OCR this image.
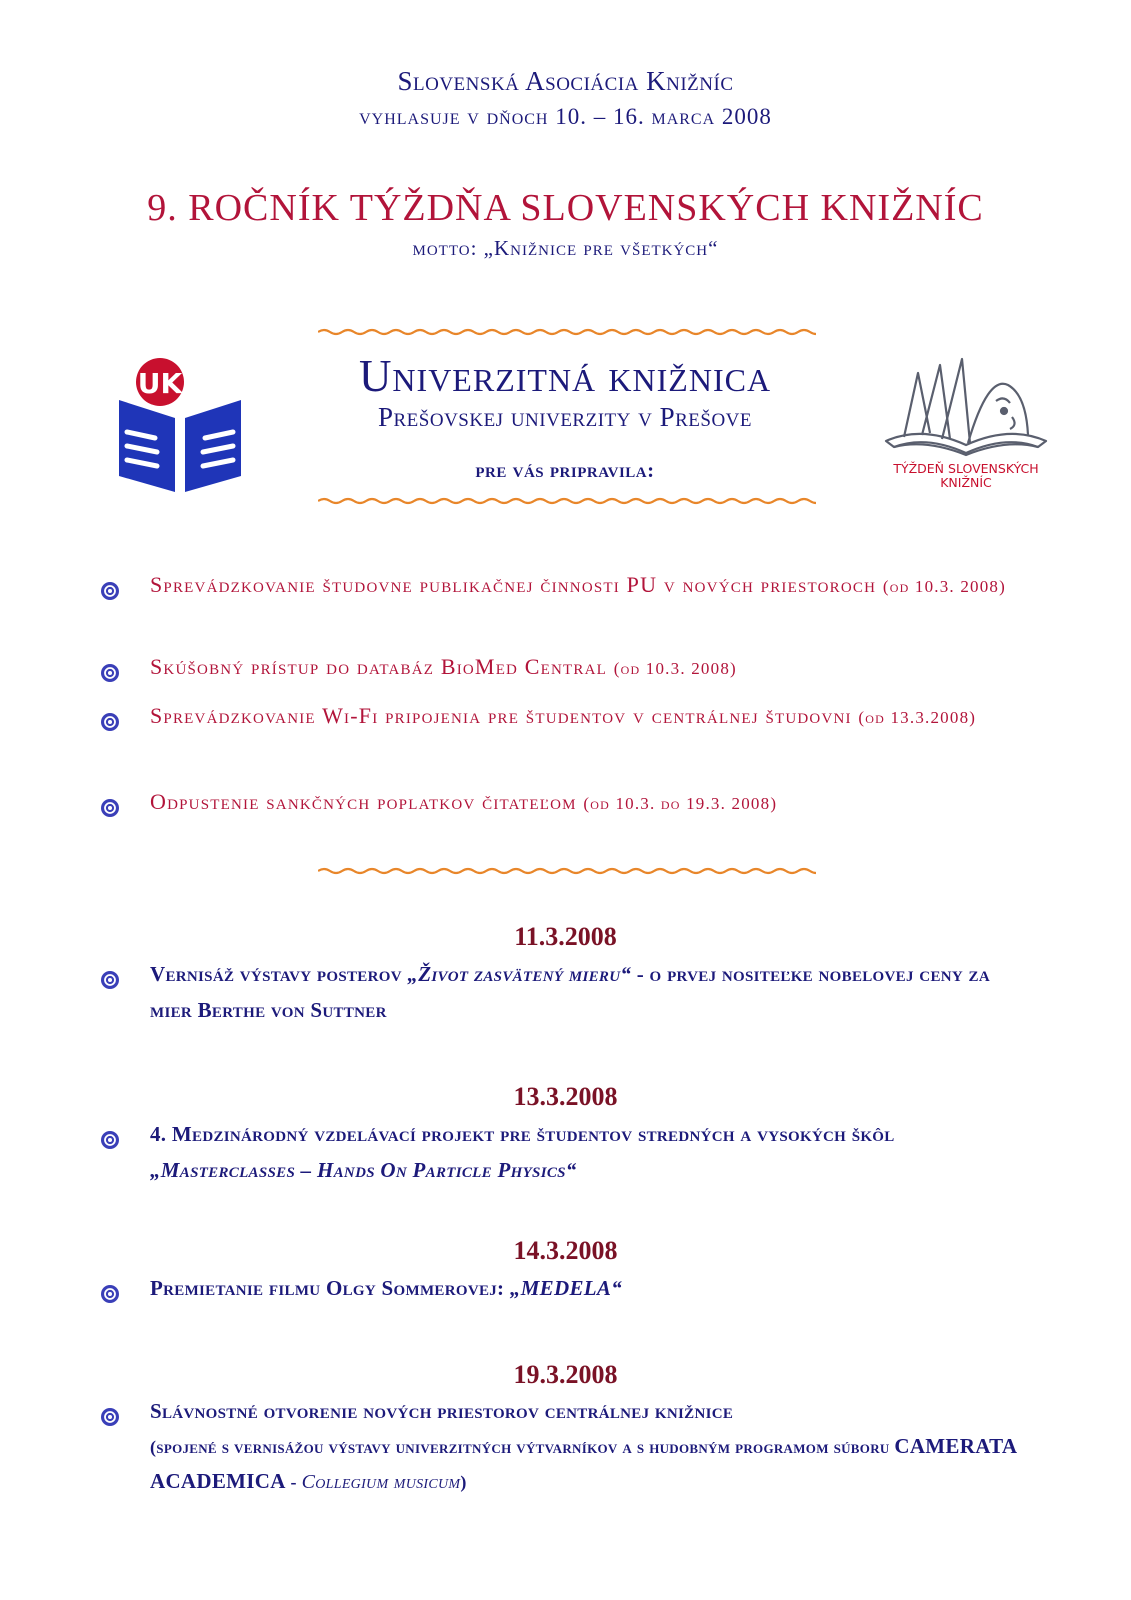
Slovenská Asociácia Knižníc
vyhlasuje v dňoch 10. – 16. marca 2008
9. ROČNÍK TÝŽDŇA SLOVENSKÝCH KNIŽNÍC
motto: „Knižnice pre všetkých“
UK	Univerzitná knižnica
Prešovskej univerzity v Prešove
pre vás pripravila:	TÝŽDEŇ SLOVENSKÝCH
KNIŽNÍC
Sprevádzkovanie študovne publikačnej činnosti PU v nových priestoroch (od 10.3. 2008)
Skúšobný prístup do databáz BioMed Central (od 10.3. 2008)
Sprevádzkovanie Wi-Fi pripojenia pre študentov v centrálnej študovni (od 13.3.2008)
Odpustenie sankčných poplatkov čitateľom (od 10.3. do 19.3. 2008)
11.3.2008
Vernisáž výstavy posterov „Život zasvätený mieru“ - o prvej nositeľke nobelovej ceny za mier Berthe von Suttner
13.3.2008
4. Medzinárodný vzdelávací projekt pre študentov stredných a vysokých škôl „Masterclasses – Hands On Particle Physics“
14.3.2008
Premietanie filmu Olgy Sommerovej: „MEDELA“
19.3.2008
Slávnostné otvorenie nových priestorov centrálnej knižnice
(spojené s vernisážou výstavy univerzitných výtvarníkov a s hudobným programom súboru CAMERATA ACADEMICA - Collegium musicum)
